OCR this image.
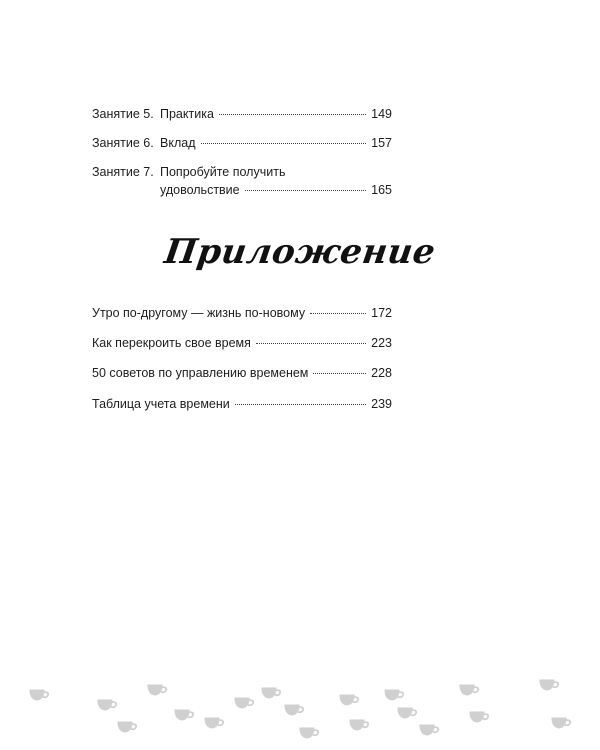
Занятие 5. Практика	149
Занятие 6. Вклад	157
Занятие 7. Попробуйте получить
удовольствие	165
Приложение
Утро по-другому — жизнь по-новому	172
Как перекроить свое время	223
50 советов по управлению временем	228
Таблица учета времени	239
